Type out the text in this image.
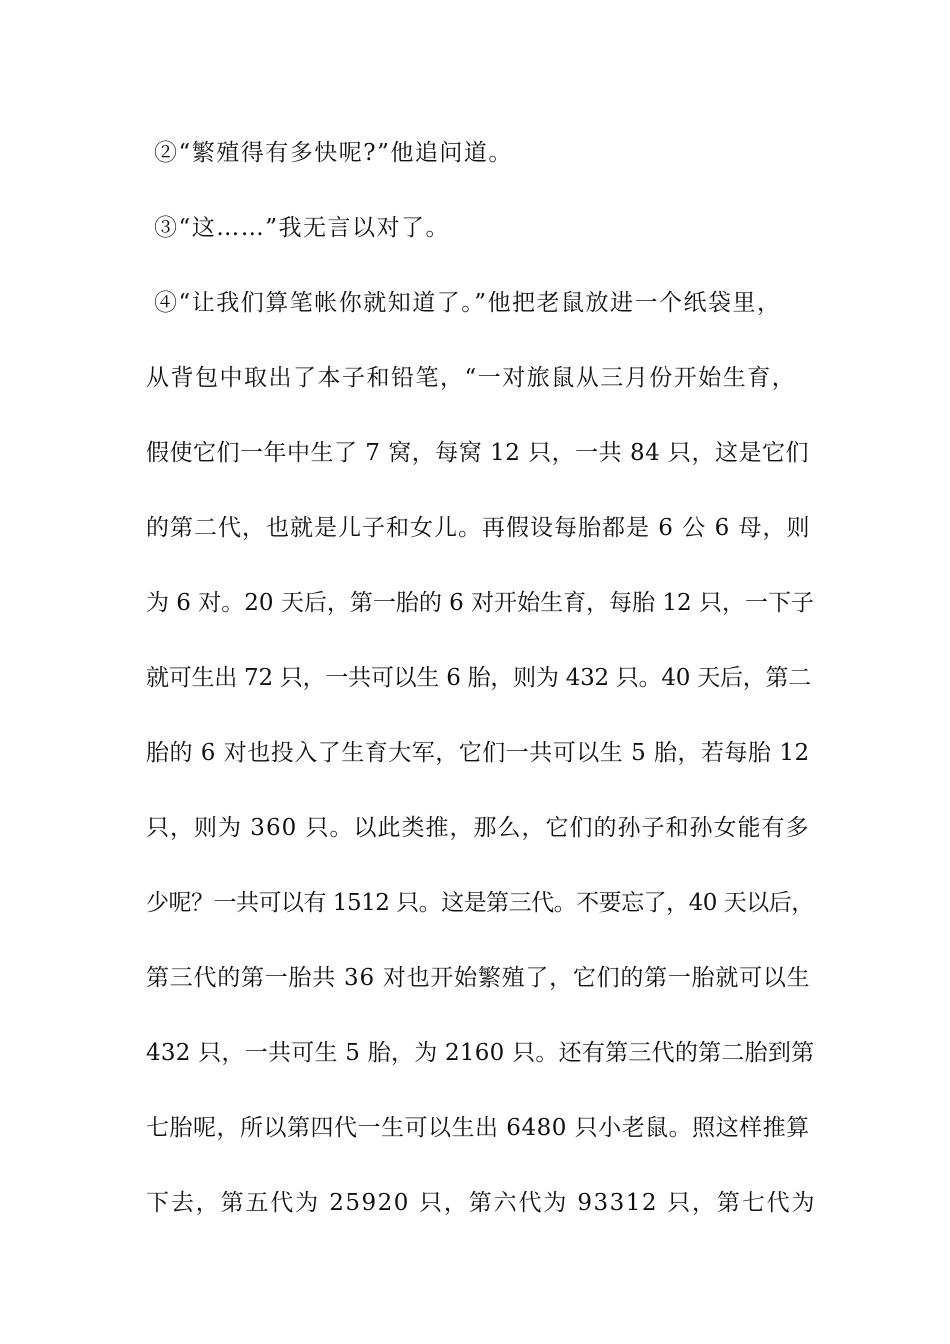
②“繁殖得有多快呢?”他追问道。
③“这……”我无言以对了。
④“让我们算笔帐你就知道了。”他把老鼠放进一个纸袋里，
从背包中取出了本子和铅笔，“一对旅鼠从三月份开始生育，
假使它们一年中生了 7 窝，每窝 12 只，一共 84 只，这是它们
的第二代，也就是儿子和女儿。再假设每胎都是 6 公 6 母，则
为 6 对。20 天后，第一胎的 6 对开始生育，每胎 12 只，一下子
就可生出 72 只，一共可以生 6 胎，则为 432 只。40 天后，第二
胎的 6 对也投入了生育大军，它们一共可以生 5 胎，若每胎 12
只，则为 360 只。以此类推，那么，它们的孙子和孙女能有多
少呢？一共可以有 1512 只。这是第三代。不要忘了，40 天以后，
第三代的第一胎共 36 对也开始繁殖了，它们的第一胎就可以生
432 只，一共可生 5 胎，为 2160 只。还有第三代的第二胎到第
七胎呢，所以第四代一生可以生出 6480 只小老鼠。照这样推算
下去，第五代为 25920 只，第六代为 93312 只，第七代为
